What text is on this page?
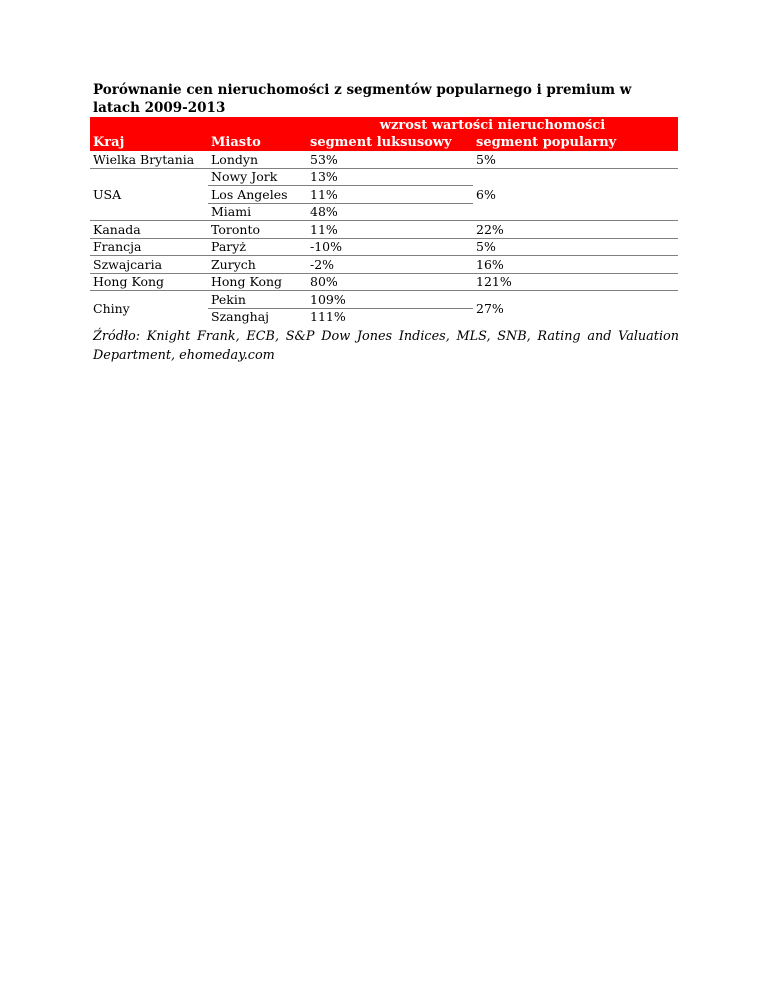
Porównanie cen nieruchomości z segmentów popularnego i premium w latach 2009-2013
		wzrost wartości nieruchomości	
Kraj	Miasto	segment luksusowy	segment popularny
Wielka Brytania	Londyn	53%	5%
USA	Nowy Jork	13%	6%
	Los Angeles	11%	
	Miami	48%	
Kanada	Toronto	11%	22%
Francja	Paryż	-10%	5%
Szwajcaria	Zurych	-2%	16%
Hong Kong	Hong Kong	80%	121%
Chiny	Pekin	109%	27%
	Szanghaj	111%	
Źródło: Knight Frank, ECB, S&P Dow Jones Indices, MLS, SNB, Rating and Valuation Department, ehomeday.com
